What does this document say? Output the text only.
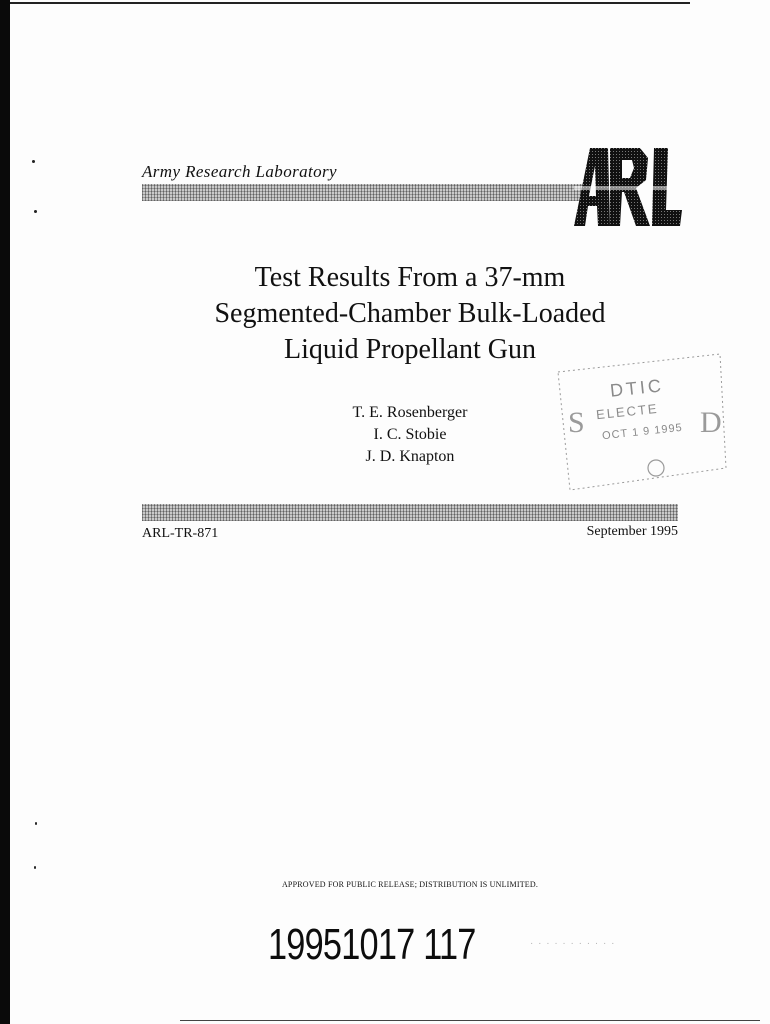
Army Research Laboratory
Test Results From a 37-mm
Segmented-Chamber Bulk-Loaded
Liquid Propellant Gun
T. E. Rosenberger
I. C. Stobie
J. D. Knapton
S	D
DTIC
ELECTE
OCT 1 9 1995
ARL-TR-871	September 1995
APPROVED FOR PUBLIC RELEASE; DISTRIBUTION IS UNLIMITED.
19951017 117	· · · · · · · · · · ·
